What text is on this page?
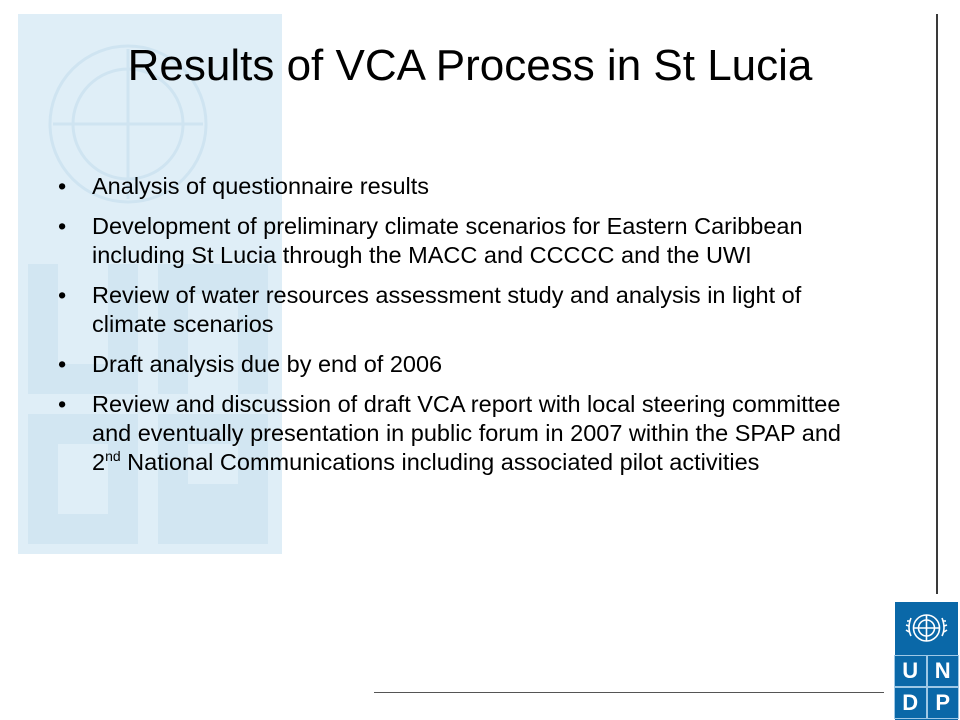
Results of VCA Process in St Lucia
•	Analysis of questionnaire results
•	Development of preliminary climate scenarios for Eastern Caribbean including St Lucia through the MACC and CCCCC and the UWI
•	Review of water resources assessment study and analysis in light of climate scenarios
•	Draft analysis due by end of 2006
•	Review and discussion of draft VCA report with local steering committee and eventually presentation in public forum in 2007 within the SPAP and 2nd National Communications including associated pilot activities
U N
D P
